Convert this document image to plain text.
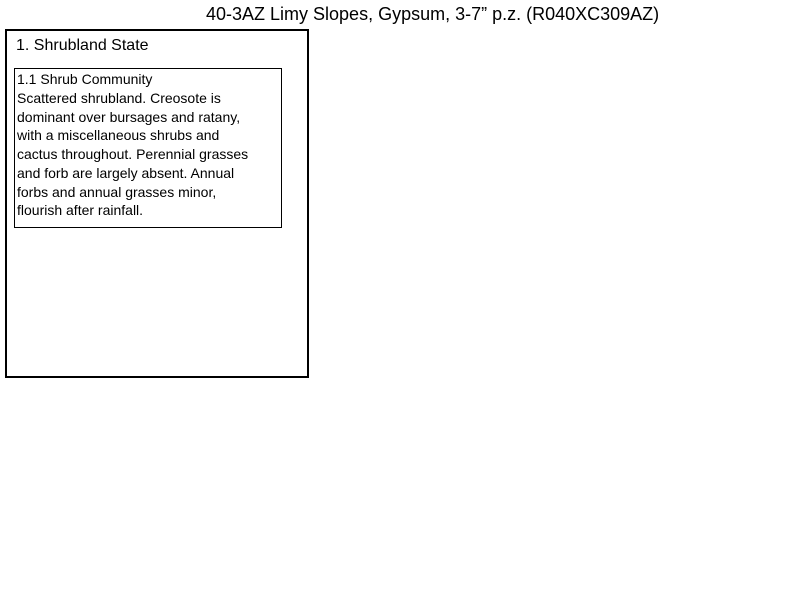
40-3AZ Limy Slopes, Gypsum, 3-7” p.z. (R040XC309AZ)
1. Shrubland State
1.1 Shrub Community

Scattered shrubland. Creosote is
dominant over bursages and ratany,
with a miscellaneous shrubs and
cactus throughout. Perennial grasses
and forb are largely absent. Annual
forbs and annual grasses minor,
flourish after rainfall.
